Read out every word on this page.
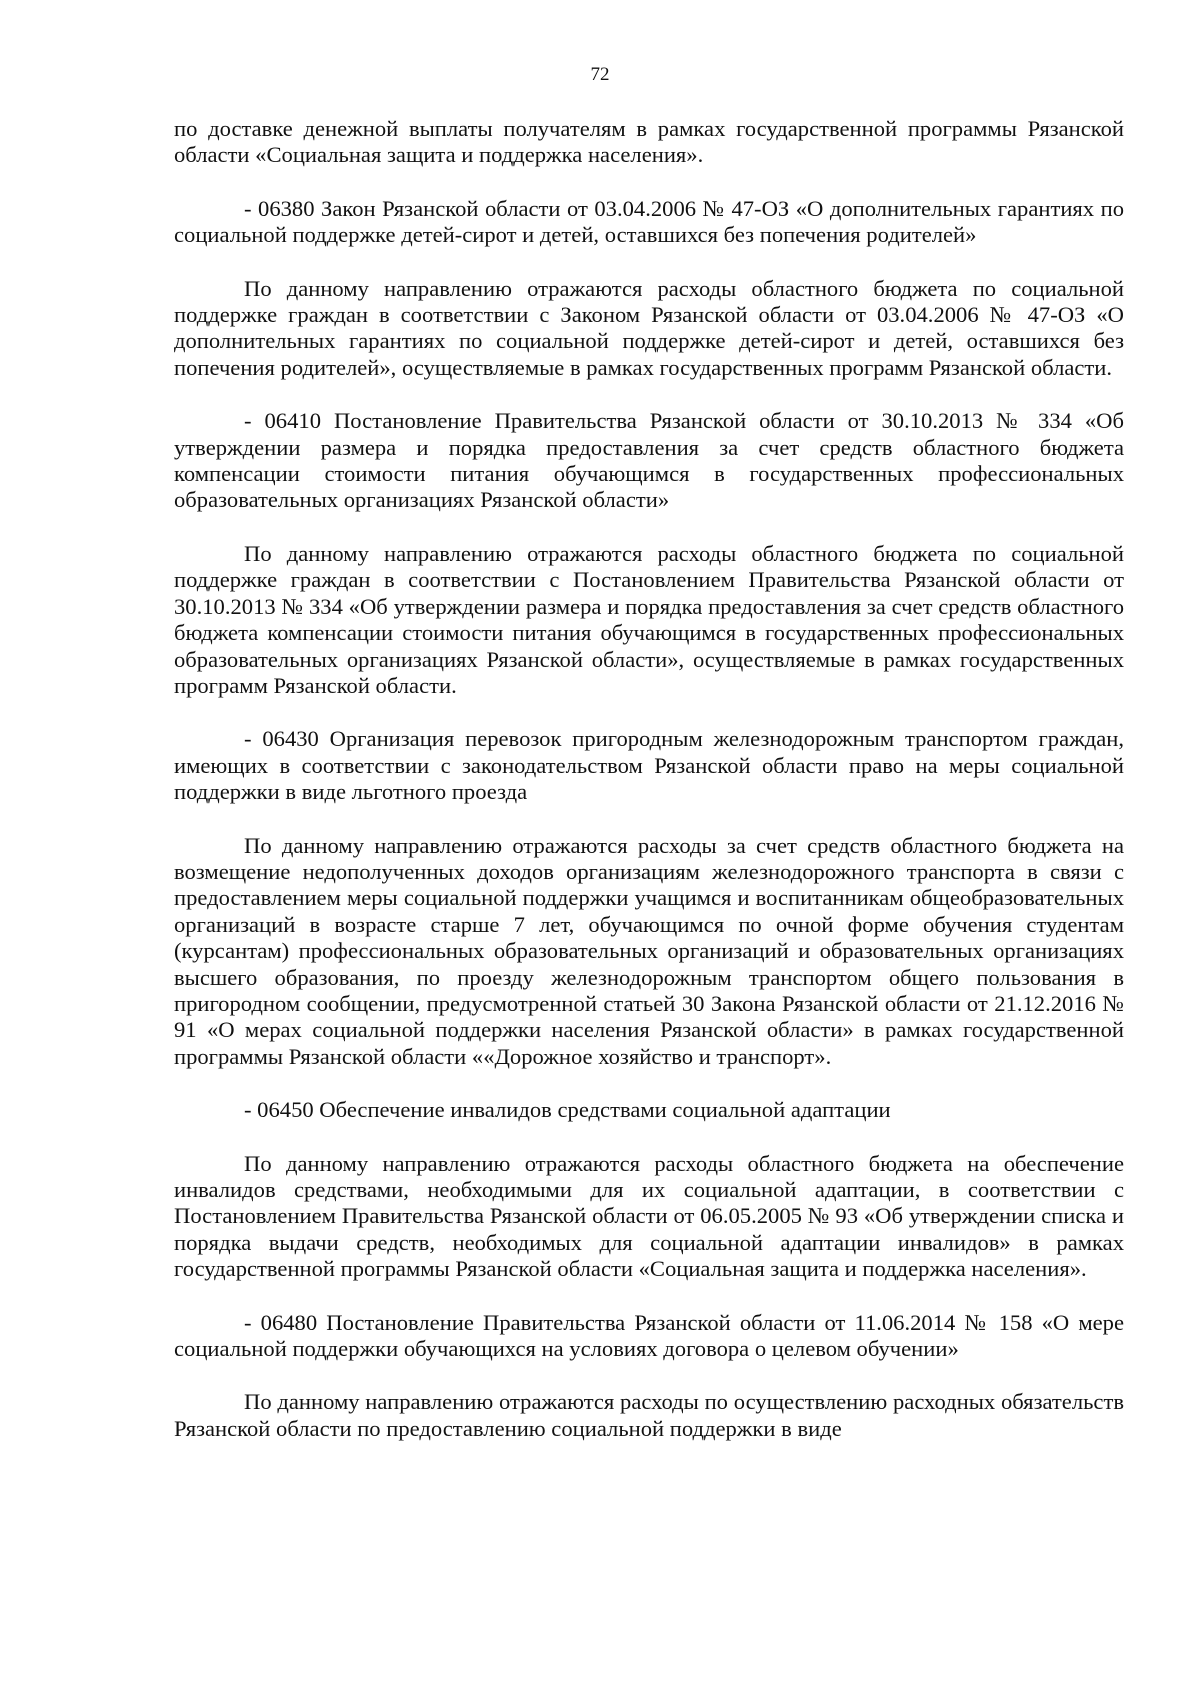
72

по доставке денежной выплаты получателям в рамках государственной программы Рязанской области «Социальная защита и поддержка населения».

- 06380 Закон Рязанской области от 03.04.2006 № 47-ОЗ «О дополнительных гарантиях по социальной поддержке детей-сирот и детей, оставшихся без попечения родителей»

По данному направлению отражаются расходы областного бюджета по социальной поддержке граждан в соответствии с Законом Рязанской области от 03.04.2006 № 47-ОЗ «О дополнительных гарантиях по социальной поддержке детей-сирот и детей, оставшихся без попечения родителей», осуществляемые в рамках государственных программ Рязанской области.

- 06410 Постановление Правительства Рязанской области от 30.10.2013 № 334 «Об утверждении размера и порядка предоставления за счет средств областного бюджета компенсации стоимости питания обучающимся в государственных профессиональных образовательных организациях Рязанской области»

По данному направлению отражаются расходы областного бюджета по социальной поддержке граждан в соответствии с Постановлением Правительства Рязанской области от 30.10.2013 № 334 «Об утверждении размера и порядка предоставления за счет средств областного бюджета компенсации стоимости питания обучающимся в государственных профессиональных образовательных организациях Рязанской области», осуществляемые в рамках государственных программ Рязанской области.

- 06430 Организация перевозок пригородным железнодорожным транспортом граждан, имеющих в соответствии с законодательством Рязанской области право на меры социальной поддержки в виде льготного проезда

По данному направлению отражаются расходы за счет средств областного бюджета на возмещение недополученных доходов организациям железнодорожного транспорта в связи с предоставлением меры социальной поддержки учащимся и воспитанникам общеобразовательных организаций в возрасте старше 7 лет, обучающимся по очной форме обучения студентам (курсантам) профессиональных образовательных организаций и образовательных организациях высшего образования, по проезду железнодорожным транспортом общего пользования в пригородном сообщении, предусмотренной статьей 30 Закона Рязанской области от 21.12.2016 № 91 «О мерах социальной поддержки населения Рязанской области» в рамках государственной программы Рязанской области ««Дорожное хозяйство и транспорт».

- 06450 Обеспечение инвалидов средствами социальной адаптации

По данному направлению отражаются расходы областного бюджета на обеспечение инвалидов средствами, необходимыми для их социальной адаптации, в соответствии с Постановлением Правительства Рязанской области от 06.05.2005 № 93 «Об утверждении списка и порядка выдачи средств, необходимых для социальной адаптации инвалидов» в рамках государственной программы Рязанской области «Социальная защита и поддержка населения».

- 06480 Постановление Правительства Рязанской области от 11.06.2014 № 158 «О мере социальной поддержки обучающихся на условиях договора о целевом обучении»

По данному направлению отражаются расходы по осуществлению расходных обязательств Рязанской области по предоставлению социальной поддержки в виде
